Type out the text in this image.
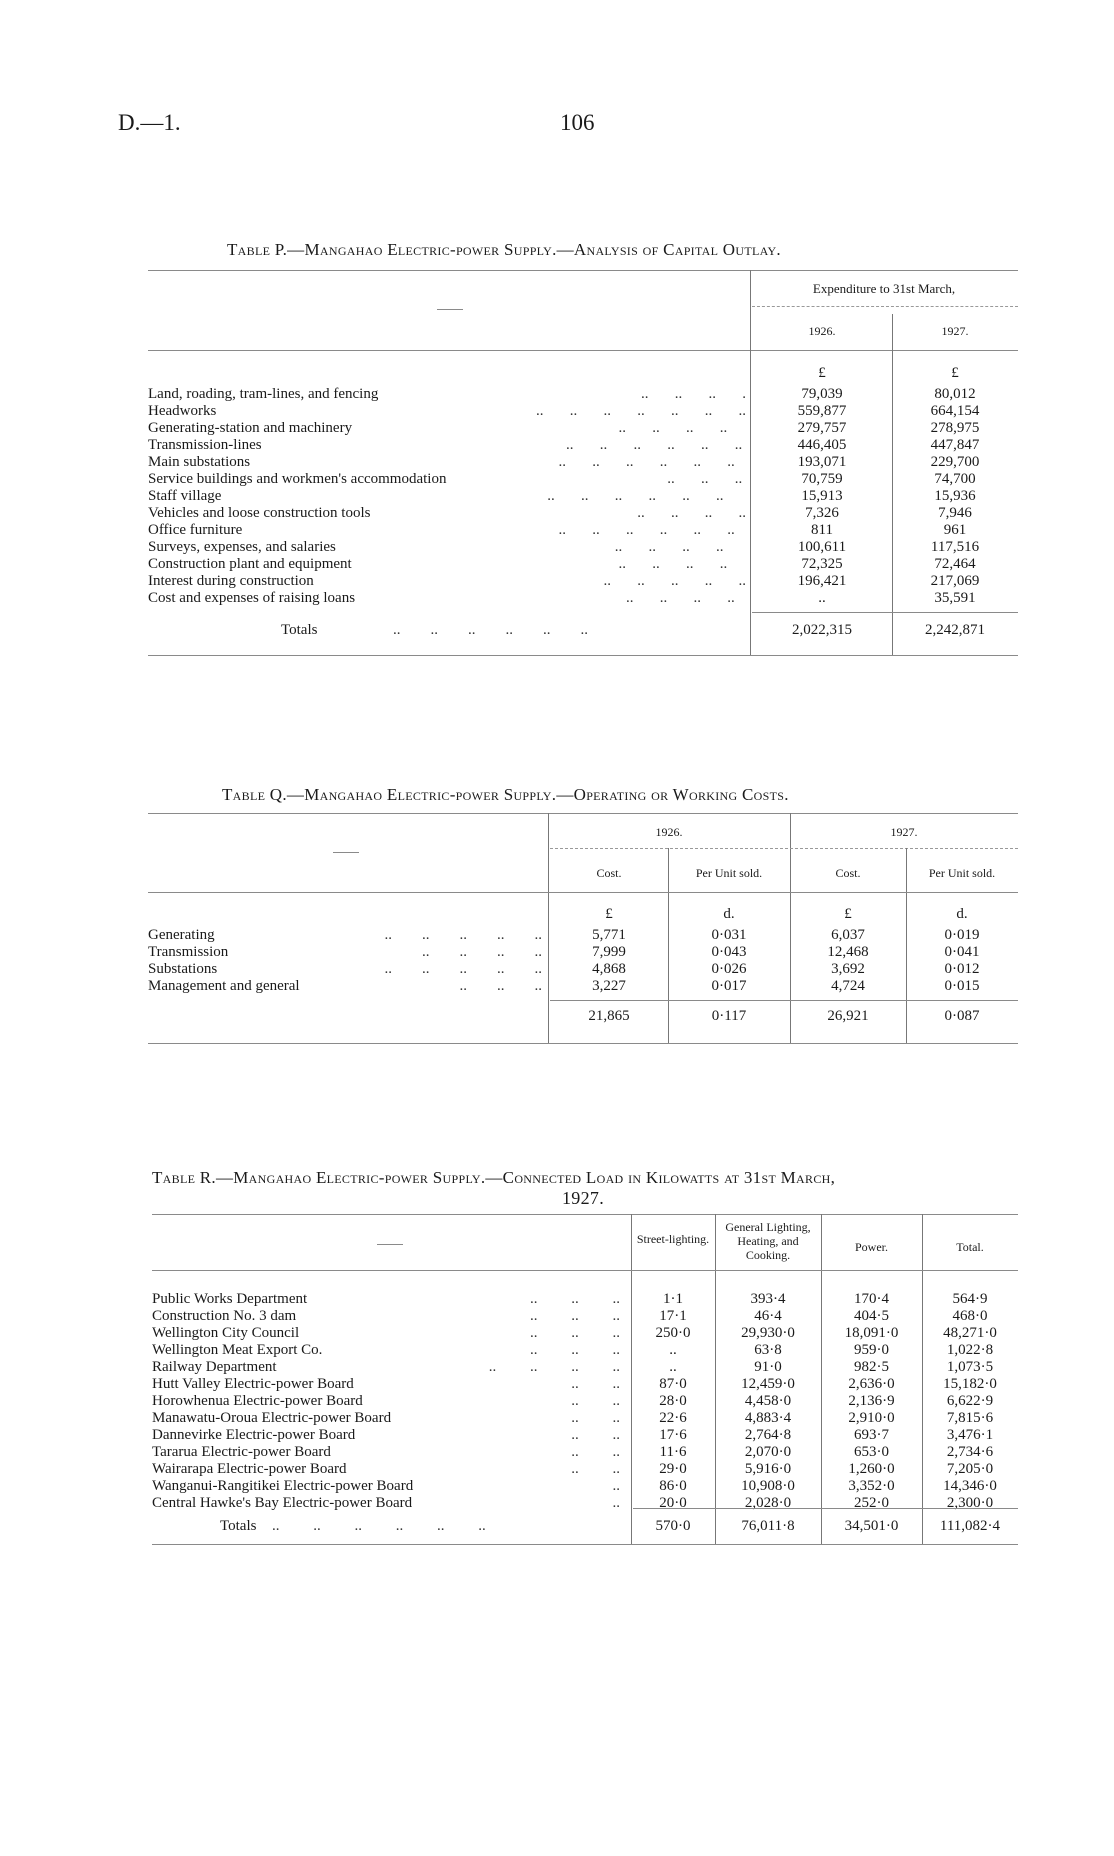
D.—1.	106
Table P.—Mangahao Electric-power Supply.—Analysis of Capital Outlay.
Expenditure to 31st March,
1926.	1927.
£	£
Land, roading, tram-lines, and fencing	..       ..       ..       .	79,039	80,012
Headworks	..       ..       ..       ..       ..       ..       ..	559,877	664,154
Generating-station and machinery	..       ..       ..       ..	279,757	278,975
Transmission-lines	..       ..       ..       ..       ..       ..	446,405	447,847
Main substations	..       ..       ..       ..       ..       ..	193,071	229,700
Service buildings and workmen's accommodation	..       ..       ..	70,759	74,700
Staff village	..       ..       ..       ..       ..       ..	15,913	15,936
Vehicles and loose construction tools	..       ..       ..       ..	7,326	7,946
Office furniture	..       ..       ..       ..       ..       ..	811	961
Surveys, expenses, and salaries	..       ..       ..       ..	100,611	117,516
Construction plant and equipment	..       ..       ..       ..	72,325	72,464
Interest during construction	..       ..       ..       ..       ..	196,421	217,069
Cost and expenses of raising loans	..       ..       ..       ..	..	35,591
Totals	..        ..        ..        ..        ..        ..	2,022,315	2,242,871
Table Q.—Mangahao Electric-power Supply.—Operating or Working Costs.
1926.	1927.
Cost.	Per Unit sold.	Cost.	Per Unit sold.
£	d.	£	d.
Generating	..        ..        ..        ..        ..	5,771	0·031	6,037	0·019
Transmission	..        ..        ..        ..	7,999	0·043	12,468	0·041
Substations	..        ..        ..        ..        ..	4,868	0·026	3,692	0·012
Management and general	..        ..        ..	3,227	0·017	4,724	0·015
21,865	0·117	26,921	0·087
Table R.—Mangahao Electric-power Supply.—Connected Load in Kilowatts at 31st March,
1927.
Street-lighting.
General Lighting, Heating, and Cooking.
Power.	Total.
Public Works Department	..         ..         ..	1·1	393·4	170·4	564·9
Construction No. 3 dam	..         ..         ..	17·1	46·4	404·5	468·0
Wellington City Council	..         ..         ..	250·0	29,930·0	18,091·0	48,271·0
Wellington Meat Export Co.	..         ..         ..	..	63·8	959·0	1,022·8
Railway Department	..         ..         ..         ..	..	91·0	982·5	1,073·5
Hutt Valley Electric-power Board	..         ..	87·0	12,459·0	2,636·0	15,182·0
Horowhenua Electric-power Board	..         ..	28·0	4,458·0	2,136·9	6,622·9
Manawatu-Oroua Electric-power Board	..         ..	22·6	4,883·4	2,910·0	7,815·6
Dannevirke Electric-power Board	..         ..	17·6	2,764·8	693·7	3,476·1
Tararua Electric-power Board	..         ..	11·6	2,070·0	653·0	2,734·6
Wairarapa Electric-power Board	..         ..	29·0	5,916·0	1,260·0	7,205·0
Wanganui-Rangitikei Electric-power Board	..	86·0	10,908·0	3,352·0	14,346·0
Central Hawke's Bay Electric-power Board	..	20·0	2,028·0	252·0	2,300·0
Totals ..         ..         ..         ..         ..         ..	570·0	76,011·8	34,501·0	111,082·4
